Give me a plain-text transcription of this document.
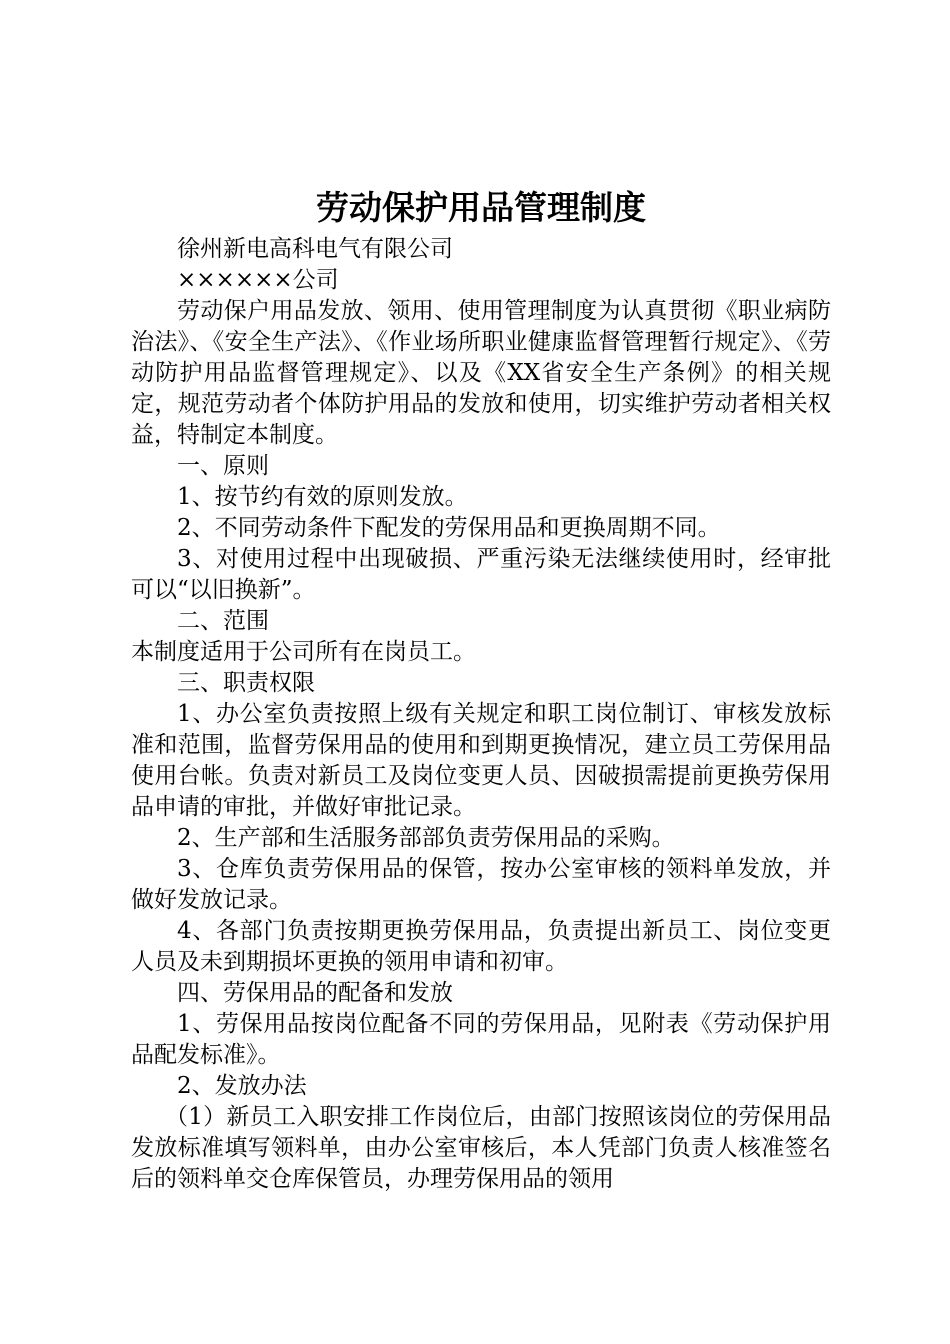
劳动保护用品管理制度

徐州新电高科电气有限公司

××××××公司

劳动保户用品发放、领用、使用管理制度为认真贯彻《职业病防治法》、《安全生产法》、《作业场所职业健康监督管理暂行规定》、《劳动防护用品监督管理规定》、以及《XX省安全生产条例》的相关规定，规范劳动者个体防护用品的发放和使用，切实维护劳动者相关权益，特制定本制度。

一、原则

1、按节约有效的原则发放。

2、不同劳动条件下配发的劳保用品和更换周期不同。

3、对使用过程中出现破损、严重污染无法继续使用时，经审批可以“以旧换新”。

二、范围

本制度适用于公司所有在岗员工。

三、职责权限

1、办公室负责按照上级有关规定和职工岗位制订、审核发放标准和范围，监督劳保用品的使用和到期更换情况，建立员工劳保用品使用台帐。负责对新员工及岗位变更人员、因破损需提前更换劳保用品申请的审批，并做好审批记录。

2、生产部和生活服务部部负责劳保用品的采购。

3、仓库负责劳保用品的保管，按办公室审核的领料单发放，并做好发放记录。

4、各部门负责按期更换劳保用品，负责提出新员工、岗位变更人员及未到期损坏更换的领用申请和初审。

四、劳保用品的配备和发放

1、劳保用品按岗位配备不同的劳保用品，见附表《劳动保护用品配发标准》。

2、发放办法

（1）新员工入职安排工作岗位后，由部门按照该岗位的劳保用品发放标准填写领料单，由办公室审核后，本人凭部门负责人核准签名后的领料单交仓库保管员，办理劳保用品的领用
